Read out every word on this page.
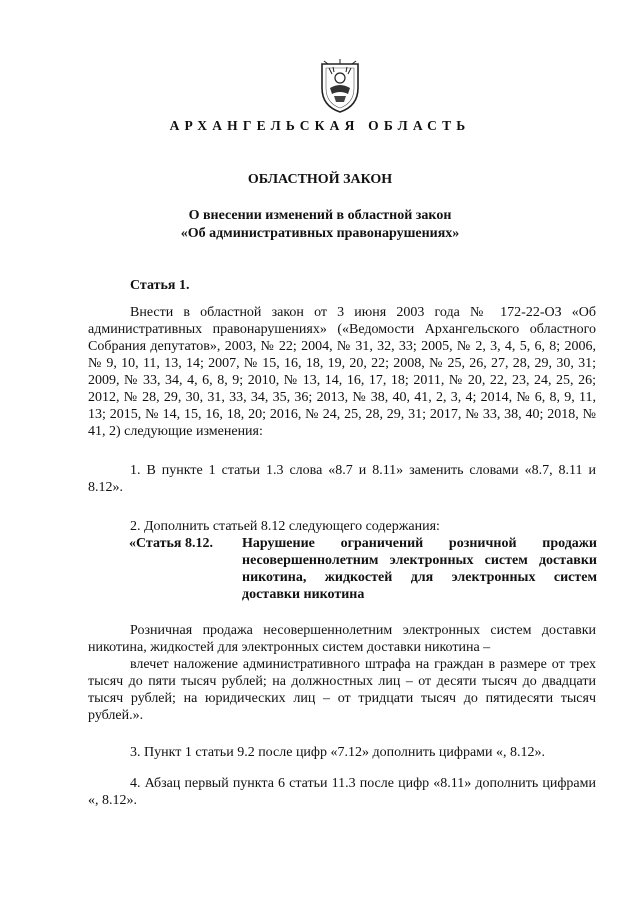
АРХАНГЕЛЬСКАЯ ОБЛАСТЬ
ОБЛАСТНОЙ ЗАКОН
О внесении изменений в областной закон
«Об административных правонарушениях»
Статья 1.
Внести в областной закон от 3 июня 2003 года № 172-22-ОЗ «Об административных правонарушениях» («Ведомости Архангельского областного Собрания депутатов», 2003, № 22; 2004, № 31, 32, 33; 2005, № 2, 3, 4, 5, 6, 8; 2006, № 9, 10, 11, 13, 14; 2007, № 15, 16, 18, 19, 20, 22; 2008, № 25, 26, 27, 28, 29, 30, 31; 2009, № 33, 34, 4, 6, 8, 9; 2010, № 13, 14, 16, 17, 18; 2011, № 20, 22, 23, 24, 25, 26; 2012, № 28, 29, 30, 31, 33, 34, 35, 36; 2013, № 38, 40, 41, 2, 3, 4; 2014, № 6, 8, 9, 11, 13; 2015, № 14, 15, 16, 18, 20; 2016, № 24, 25, 28, 29, 31; 2017, № 33, 38, 40; 2018, № 41, 2) следующие изменения:
1. В пункте 1 статьи 1.3 слова «8.7 и 8.11» заменить словами «8.7, 8.11 и 8.12».
2. Дополнить статьей 8.12 следующего содержания:
«Статья 8.12.	Нарушение ограничений розничной продажи несовершеннолетним электронных систем доставки никотина, жидкостей для электронных систем доставки никотина
Розничная продажа несовершеннолетним электронных систем доставки никотина, жидкостей для электронных систем доставки никотина –
влечет наложение административного штрафа на граждан в размере от трех тысяч до пяти тысяч рублей; на должностных лиц – от десяти тысяч до двадцати тысяч рублей; на юридических лиц – от тридцати тысяч до пятидесяти тысяч рублей.».
3. Пункт 1 статьи 9.2 после цифр «7.12» дополнить цифрами «, 8.12».
4. Абзац первый пункта 6 статьи 11.3 после цифр «8.11» дополнить цифрами «, 8.12».
